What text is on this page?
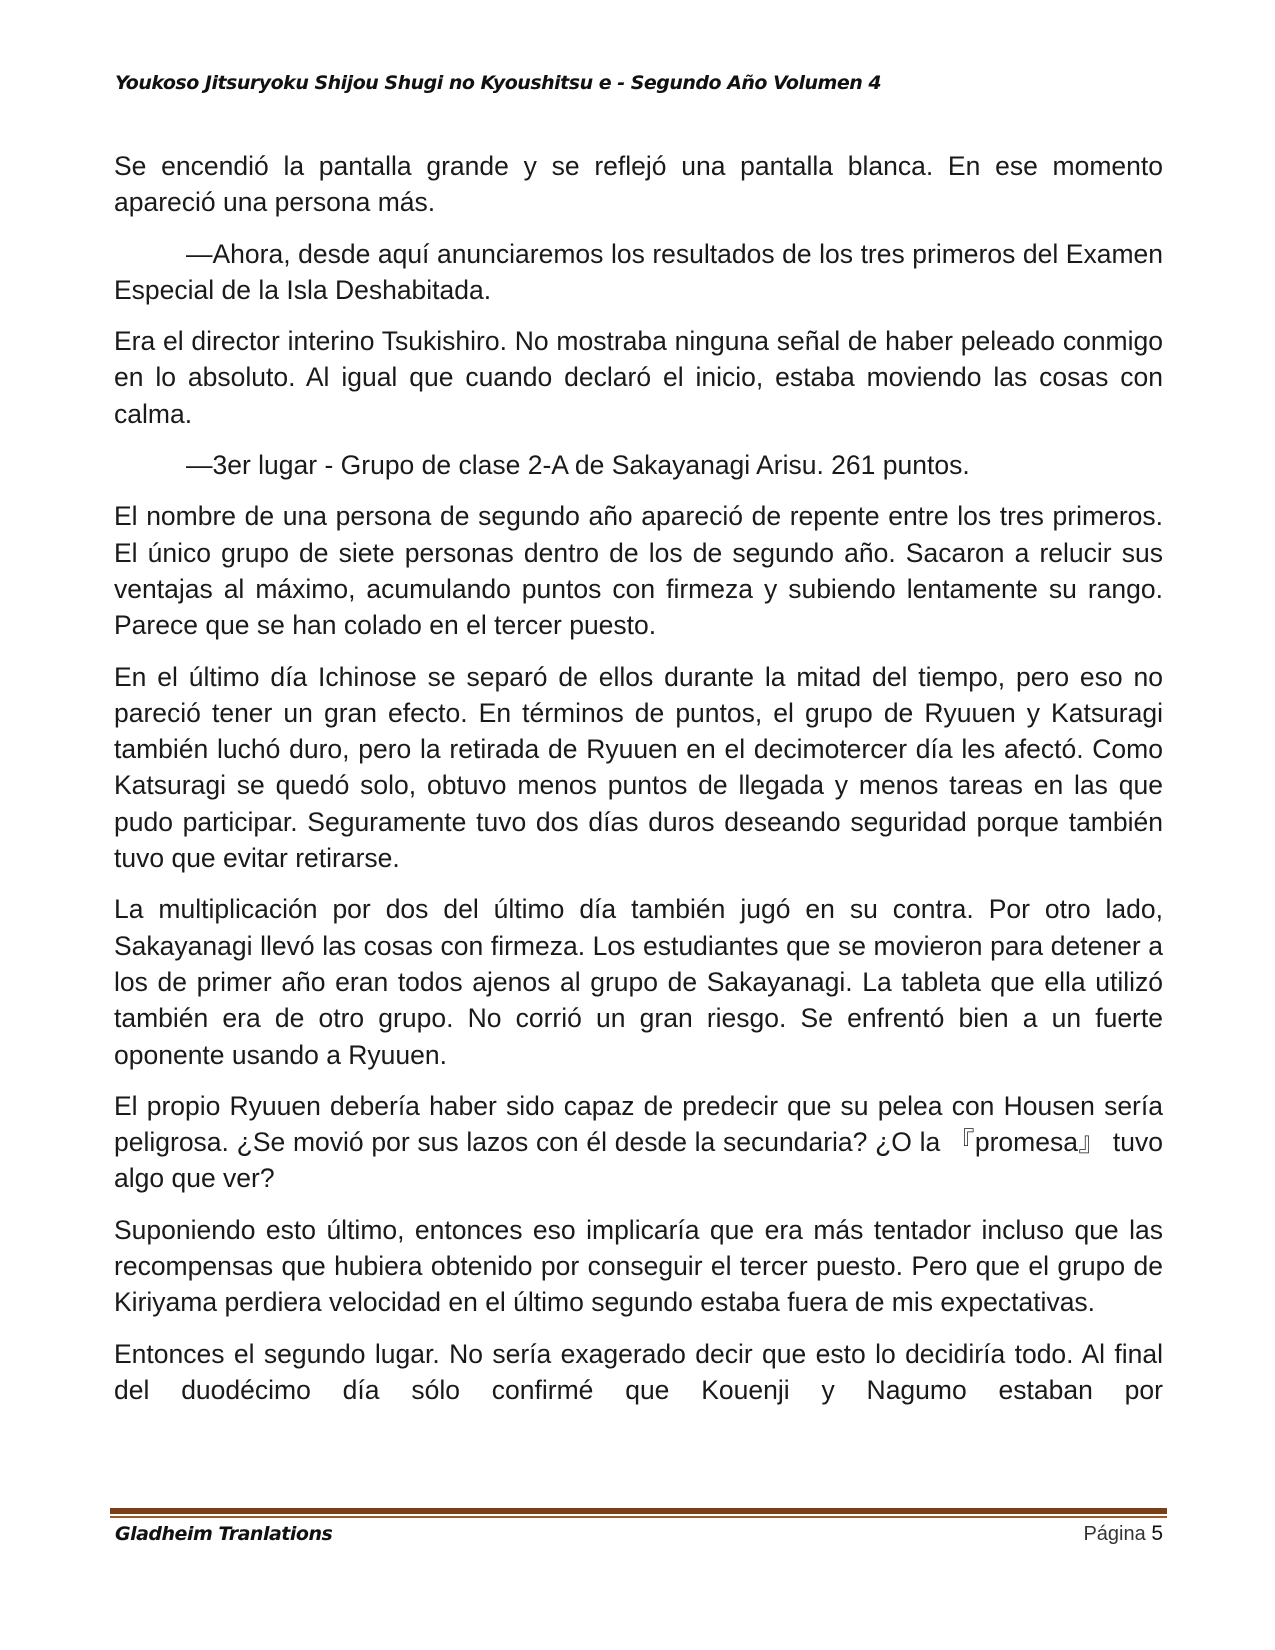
Youkoso Jitsuryoku Shijou Shugi no Kyoushitsu e - Segundo Año Volumen 4

Se encendió la pantalla grande y se reflejó una pantalla blanca. En ese momento apareció una persona más.

—Ahora, desde aquí anunciaremos los resultados de los tres primeros del Examen Especial de la Isla Deshabitada.

Era el director interino Tsukishiro. No mostraba ninguna señal de haber peleado conmigo en lo absoluto. Al igual que cuando declaró el inicio, estaba moviendo las cosas con calma.

—3er lugar - Grupo de clase 2-A de Sakayanagi Arisu. 261 puntos.

El nombre de una persona de segundo año apareció de repente entre los tres primeros. El único grupo de siete personas dentro de los de segundo año. Sacaron a relucir sus ventajas al máximo, acumulando puntos con firmeza y subiendo lentamente su rango. Parece que se han colado en el tercer puesto.

En el último día Ichinose se separó de ellos durante la mitad del tiempo, pero eso no pareció tener un gran efecto. En términos de puntos, el grupo de Ryuuen y Katsuragi también luchó duro, pero la retirada de Ryuuen en el decimotercer día les afectó. Como Katsuragi se quedó solo, obtuvo menos puntos de llegada y menos tareas en las que pudo participar. Seguramente tuvo dos días duros deseando seguridad porque también tuvo que evitar retirarse.

La multiplicación por dos del último día también jugó en su contra. Por otro lado, Sakayanagi llevó las cosas con firmeza. Los estudiantes que se movieron para detener a los de primer año eran todos ajenos al grupo de Sakayanagi. La tableta que ella utilizó también era de otro grupo. No corrió un gran riesgo. Se enfrentó bien a un fuerte oponente usando a Ryuuen.

El propio Ryuuen debería haber sido capaz de predecir que su pelea con Housen sería peligrosa. ¿Se movió por sus lazos con él desde la secundaria? ¿O la 『promesa』 tuvo algo que ver?

Suponiendo esto último, entonces eso implicaría que era más tentador incluso que las recompensas que hubiera obtenido por conseguir el tercer puesto. Pero que el grupo de Kiriyama perdiera velocidad en el último segundo estaba fuera de mis expectativas.

Entonces el segundo lugar. No sería exagerado decir que esto lo decidiría todo. Al final del duodécimo día sólo confirmé que Kouenji y Nagumo estaban por

Gladheim Tranlations	Página 5
